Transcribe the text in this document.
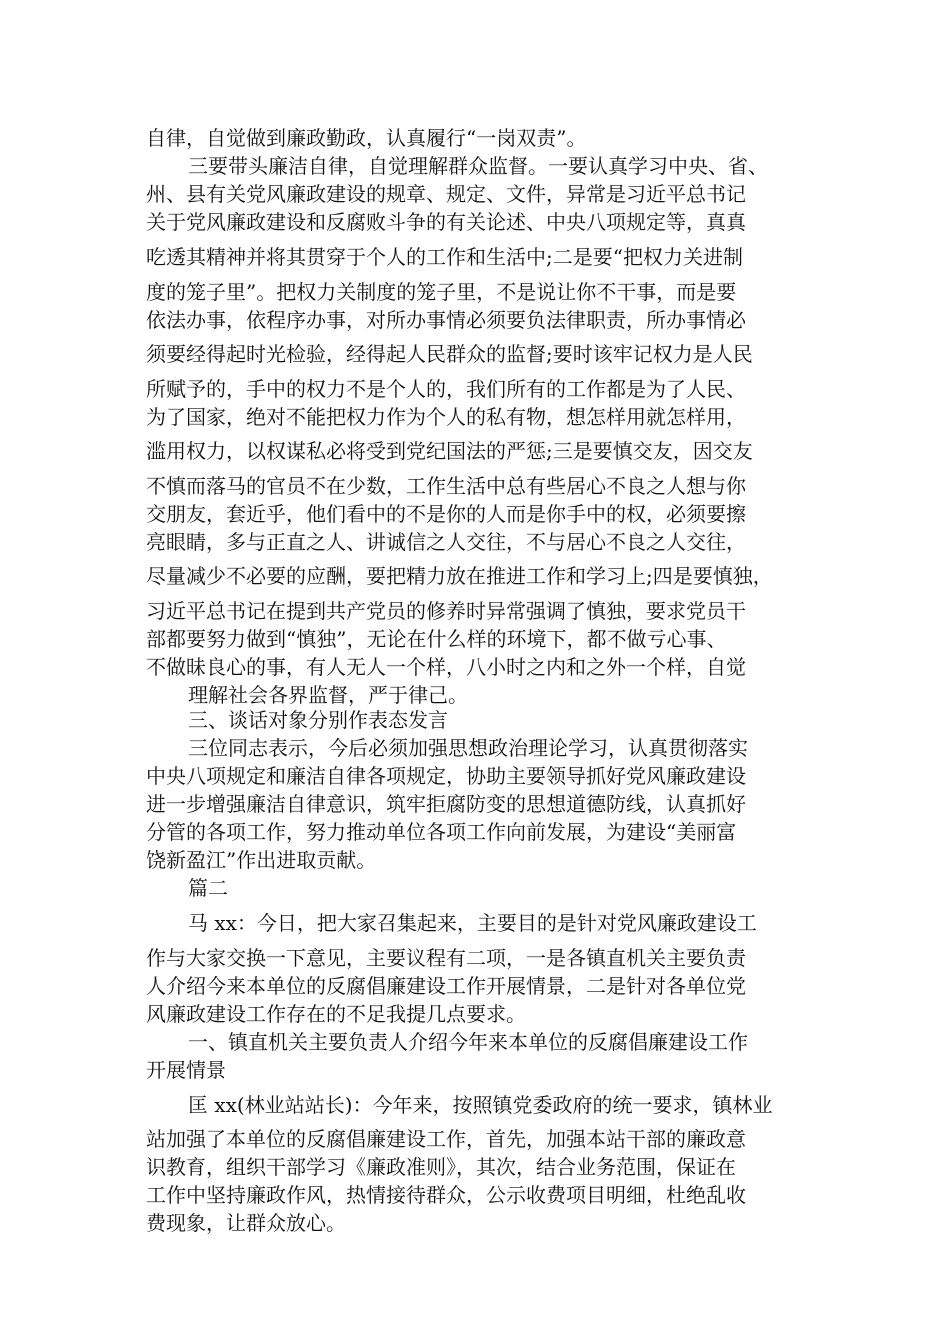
自律，自觉做到廉政勤政，认真履行“一岗双责”。

三要带头廉洁自律，自觉理解群众监督。一要认真学习中央、省、

州、县有关党风廉政建设的规章、规定、文件，异常是习近平总书记

关于党风廉政建设和反腐败斗争的有关论述、中央八项规定等，真真

吃透其精神并将其贯穿于个人的工作和生活中;二是要“把权力关进制

度的笼子里”。把权力关制度的笼子里，不是说让你不干事，而是要

依法办事，依程序办事，对所办事情必须要负法律职责，所办事情必

须要经得起时光检验，经得起人民群众的监督;要时该牢记权力是人民

所赋予的，手中的权力不是个人的，我们所有的工作都是为了人民、

为了国家，绝对不能把权力作为个人的私有物，想怎样用就怎样用，

滥用权力，以权谋私必将受到党纪国法的严惩;三是要慎交友，因交友

不慎而落马的官员不在少数，工作生活中总有些居心不良之人想与你

交朋友，套近乎，他们看中的不是你的人而是你手中的权，必须要擦

亮眼睛，多与正直之人、讲诚信之人交往，不与居心不良之人交往，

尽量减少不必要的应酬，要把精力放在推进工作和学习上;四是要慎独，

习近平总书记在提到共产党员的修养时异常强调了慎独，要求党员干

部都要努力做到“慎独”，无论在什么样的环境下，都不做亏心事、

不做昧良心的事，有人无人一个样，八小时之内和之外一个样，自觉

理解社会各界监督，严于律己。

三、谈话对象分别作表态发言

三位同志表示，今后必须加强思想政治理论学习，认真贯彻落实

中央八项规定和廉洁自律各项规定，协助主要领导抓好党风廉政建设

进一步增强廉洁自律意识，筑牢拒腐防变的思想道德防线，认真抓好

分管的各项工作，努力推动单位各项工作向前发展，为建设“美丽富

饶新盈江”作出进取贡献。

篇二

马 xx：今日，把大家召集起来，主要目的是针对党风廉政建设工

作与大家交换一下意见，主要议程有二项，一是各镇直机关主要负责

人介绍今来本单位的反腐倡廉建设工作开展情景，二是针对各单位党

风廉政建设工作存在的不足我提几点要求。

一、镇直机关主要负责人介绍今年来本单位的反腐倡廉建设工作

开展情景

匡 xx(林业站站长)：今年来，按照镇党委政府的统一要求，镇林业

站加强了本单位的反腐倡廉建设工作，首先，加强本站干部的廉政意

识教育，组织干部学习《廉政准则》，其次，结合业务范围，保证在

工作中坚持廉政作风，热情接待群众，公示收费项目明细，杜绝乱收

费现象，让群众放心。
